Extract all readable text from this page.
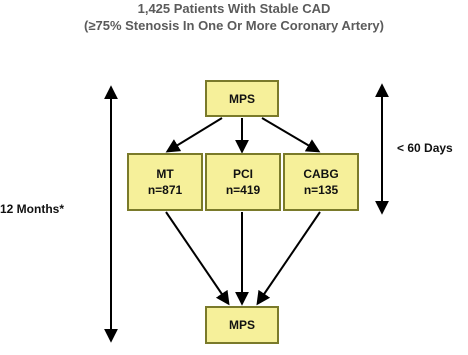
1,425 Patients With Stable CAD
(≥75% Stenosis In One Or More Coronary Artery)
MPS
MT
n=871
PCI
n=419
CABG
n=135
MPS
12 Months*
< 60 Days
